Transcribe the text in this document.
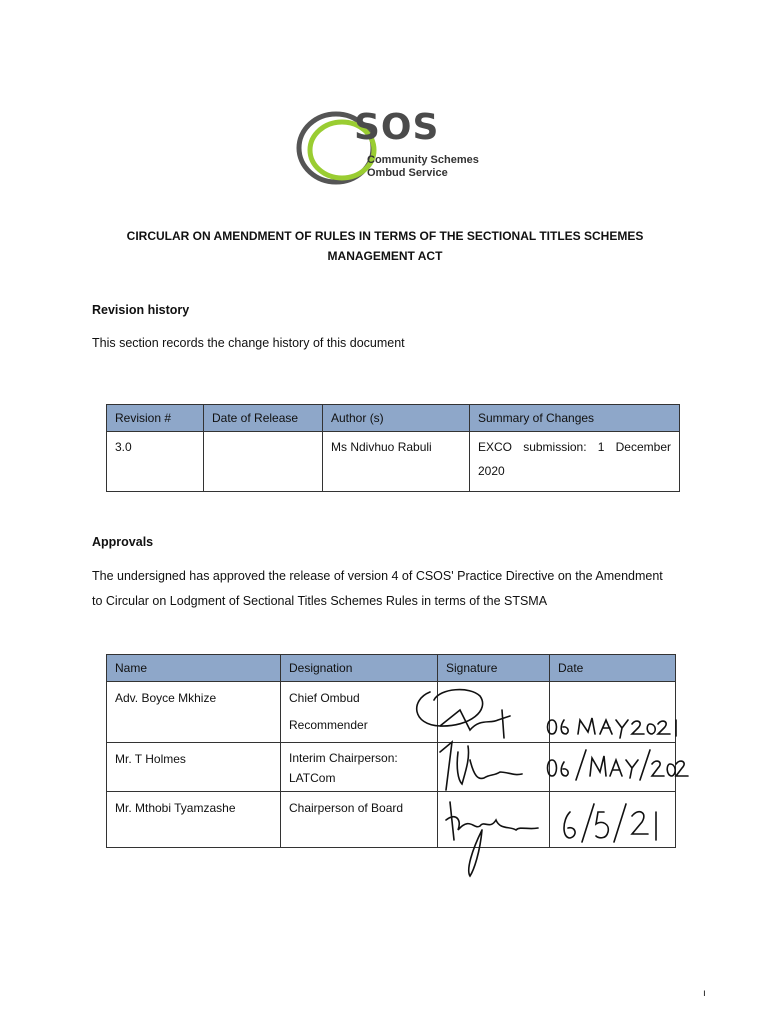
SOS
Community Schemes
Ombud Service
CIRCULAR ON AMENDMENT OF RULES IN TERMS OF THE SECTIONAL TITLES SCHEMES
MANAGEMENT ACT
Revision history
This section records the change history of this document
Revision #	Date of Release	Author (s)	Summary of Changes
3.0		Ms Ndivhuo Rabuli	EXCO submission: 1 December 2020
Approvals
The undersigned has approved the release of version 4 of CSOS' Practice Directive on the Amendment
to Circular on Lodgment of Sectional Titles Schemes Rules in terms of the STSMA
Name	Designation	Signature	Date
Adv. Boyce Mkhize	Chief Ombud
Recommender		

Mr. T Holmes	Interim Chairperson:
LATCom		

Mr. Mthobi Tyamzashe	Chairperson of Board		
ı
